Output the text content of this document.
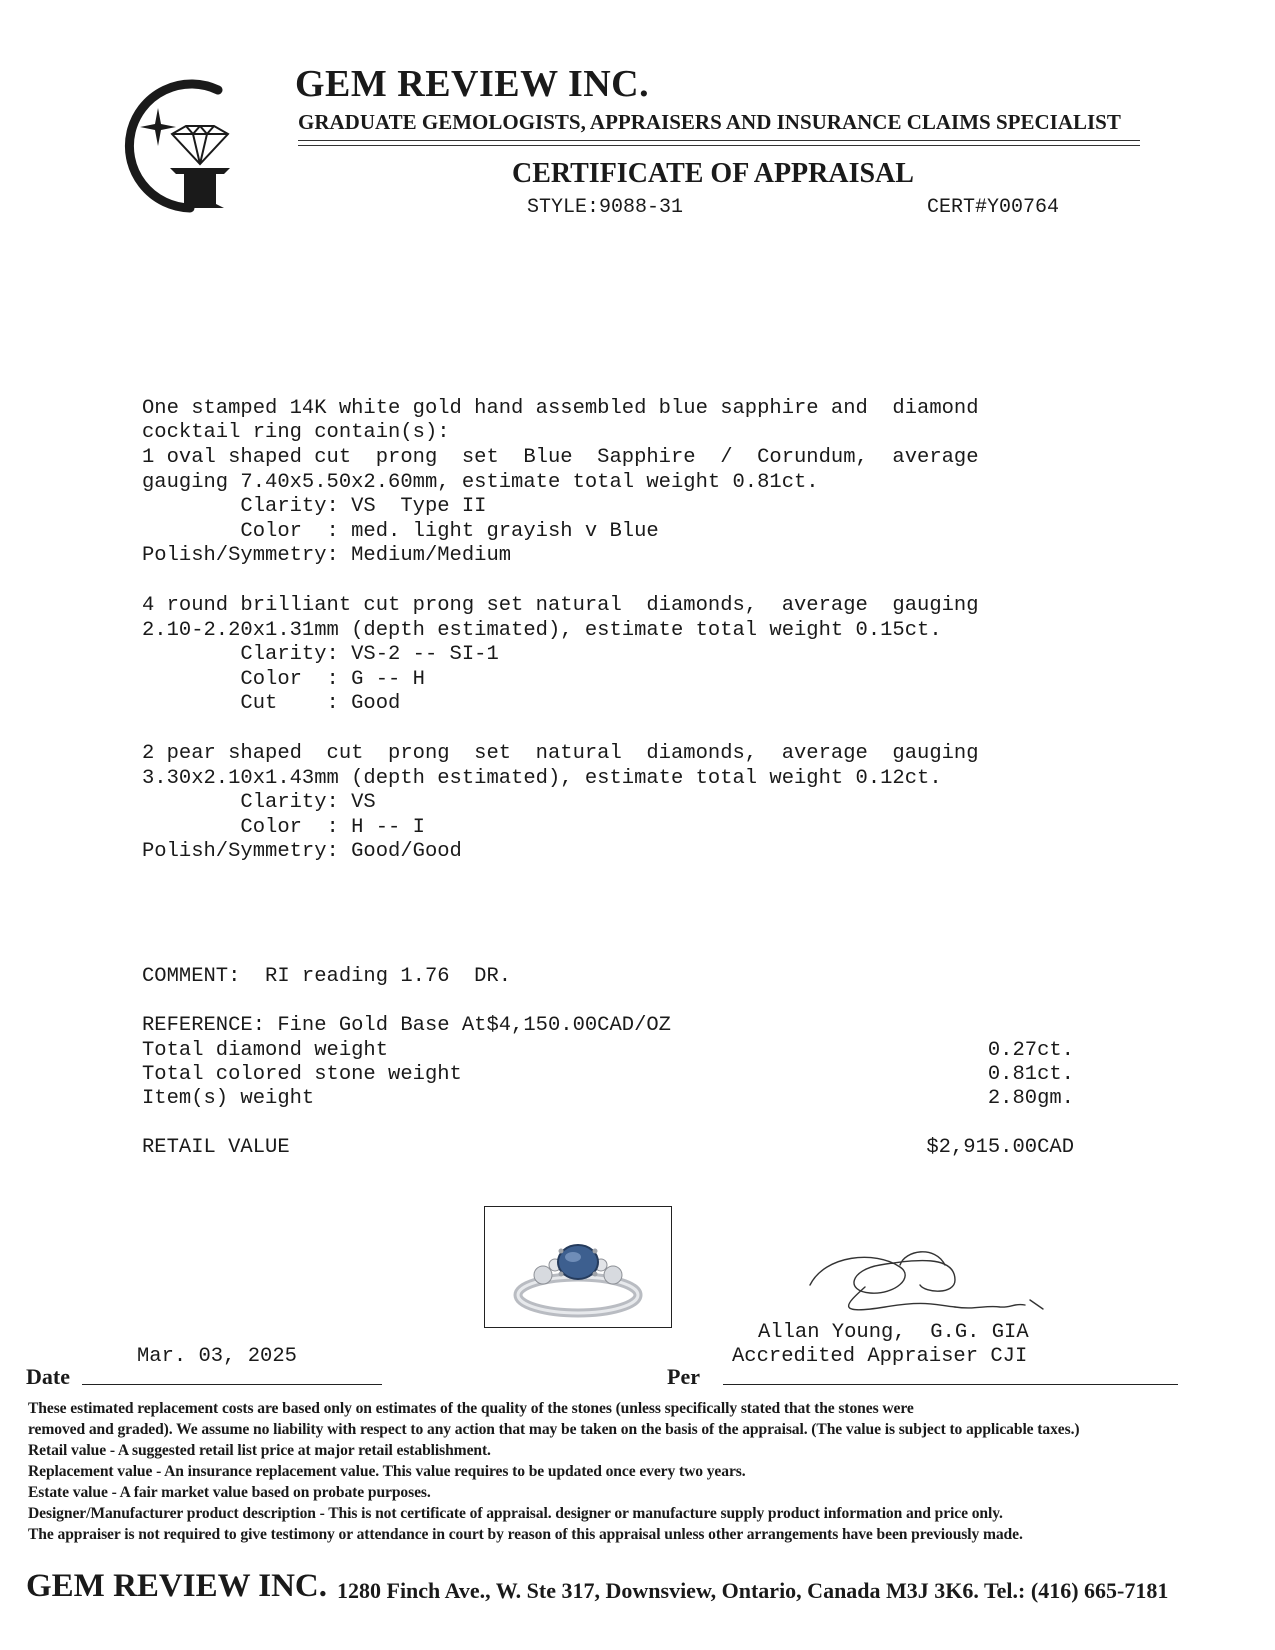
GEM REVIEW INC.
GRADUATE GEMOLOGISTS, APPRAISERS AND INSURANCE CLAIMS SPECIALIST
CERTIFICATE OF APPRAISAL
STYLE:9088-31	CERT#Y00764

One stamped 14K white gold hand assembled blue sapphire and  diamond
cocktail ring contain(s):
1 oval shaped cut  prong  set  Blue  Sapphire  /  Corundum,  average
gauging 7.40x5.50x2.60mm, estimate total weight 0.81ct.
Clarity: VS  Type II
Color  : med. light grayish v Blue
Polish/Symmetry: Medium/Medium
4 round brilliant cut prong set natural  diamonds,  average  gauging
2.10-2.20x1.31mm (depth estimated), estimate total weight 0.15ct.
Clarity: VS-2 -- SI-1
Color  : G -- H
Cut    : Good
2 pear shaped  cut  prong  set  natural  diamonds,  average  gauging
3.30x2.10x1.43mm (depth estimated), estimate total weight 0.12ct.
Clarity: VS
Color  : H -- I
Polish/Symmetry: Good/Good
COMMENT:  RI reading 1.76  DR.
REFERENCE: Fine Gold Base At$4,150.00CAD/OZ
Total diamond weight	0.27ct.
Total colored stone weight	0.81ct.
Item(s) weight	2.80gm.
RETAIL VALUE	$2,915.00CAD
Allan Young,  G.G. GIA
Accredited Appraiser CJI
Mar. 03, 2025
Date	Per
These estimated replacement costs are based only on estimates of the quality of the stones (unless specifically stated that the stones were
removed and graded). We assume no liability with respect to any action that may be taken on the basis of the appraisal. (The value is subject to applicable taxes.)
Retail value - A suggested retail list price at major retail establishment.
Replacement value - An insurance replacement value. This value requires to be updated once every two years.
Estate value - A fair market value based on probate purposes.
Designer/Manufacturer product description - This is not certificate of appraisal. designer or manufacture supply product information and price only.
The appraiser is not required to give testimony or attendance in court by reason of this appraisal unless other arrangements have been previously made.
GEM REVIEW INC. 1280 Finch Ave., W. Ste 317, Downsview, Ontario, Canada M3J 3K6. Tel.: (416) 665-7181
